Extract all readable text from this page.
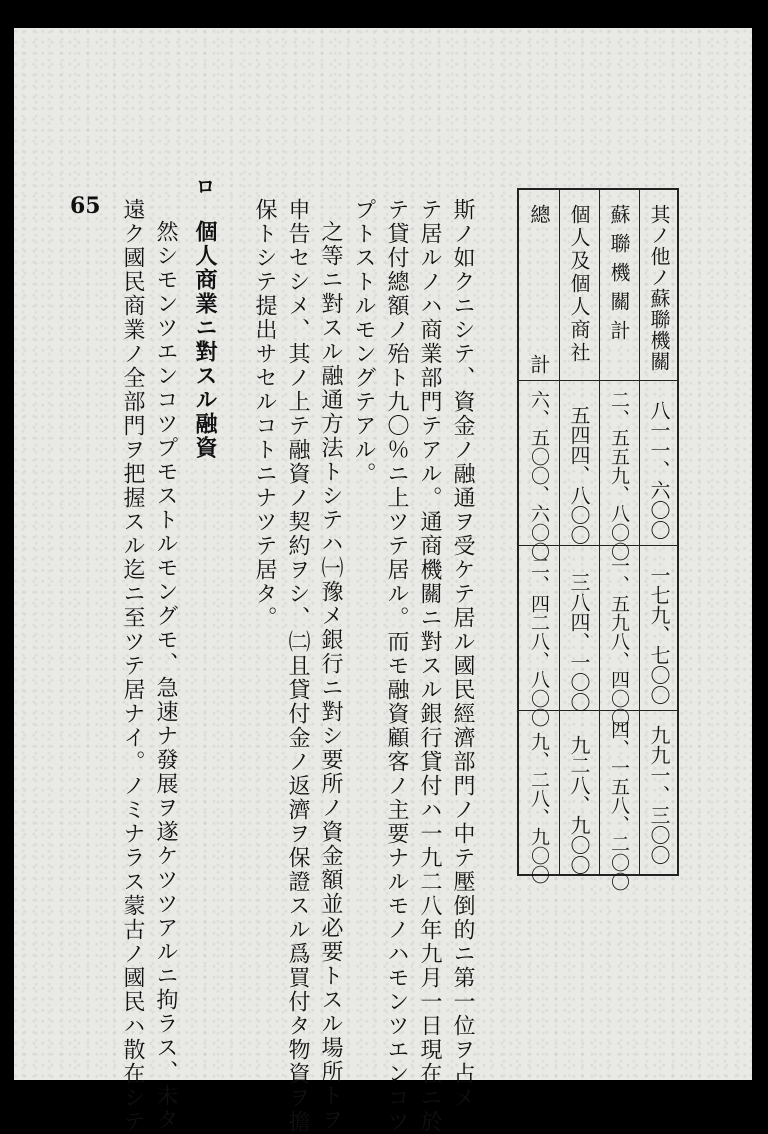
65	其ノ他ノ蘇聯機關
八一一、六〇〇
一七九、七〇〇
九九一、三〇〇
蘇聯機關計
二、五五九、八〇〇
一、五九八、四〇〇
四、一五八、二〇〇
個人及個人商社
五四四、八〇〇
三八四、一〇〇
九二八、九〇〇
總　　計
六、五〇〇、六〇〇
二、四二八、八〇〇
九、二八、九〇〇
斯ノ如クニシテ、資金ノ融通ヲ受ケテ居ル國民經濟部門ノ中テ壓倒的ニ第一位ヲ占メ
テ居ルノハ商業部門テアル。通商機關ニ對スル銀行貸付ハ一九二八年九月一日現在ニ於
テ貸付總額ノ殆ト九〇％ニ上ツテ居ル。而モ融資顧客ノ主要ナルモノハモンツエンコツ
プトストルモングテアル。
之等ニ對スル融通方法トシテハ㈠豫メ銀行ニ對シ要所ノ資金額並必要トスル場所トヲ
申告セシメ、其ノ上テ融資ノ契約ヲシ、㈡且貸付金ノ返濟ヲ保證スル爲買付タ物資ヲ擔
保トシテ提出サセルコトニナツテ居タ。
ロ
個人商業ニ對スル融資
然シモンツエンコツプモストルモングモ、急速ナ發展ヲ遂ケツツアルニ拘ラス、未タ
遠ク國民商業ノ全部門ヲ把握スル迄ニ至ツテ居ナイ。ノミナラス蒙古ノ國民ハ散在シテ
